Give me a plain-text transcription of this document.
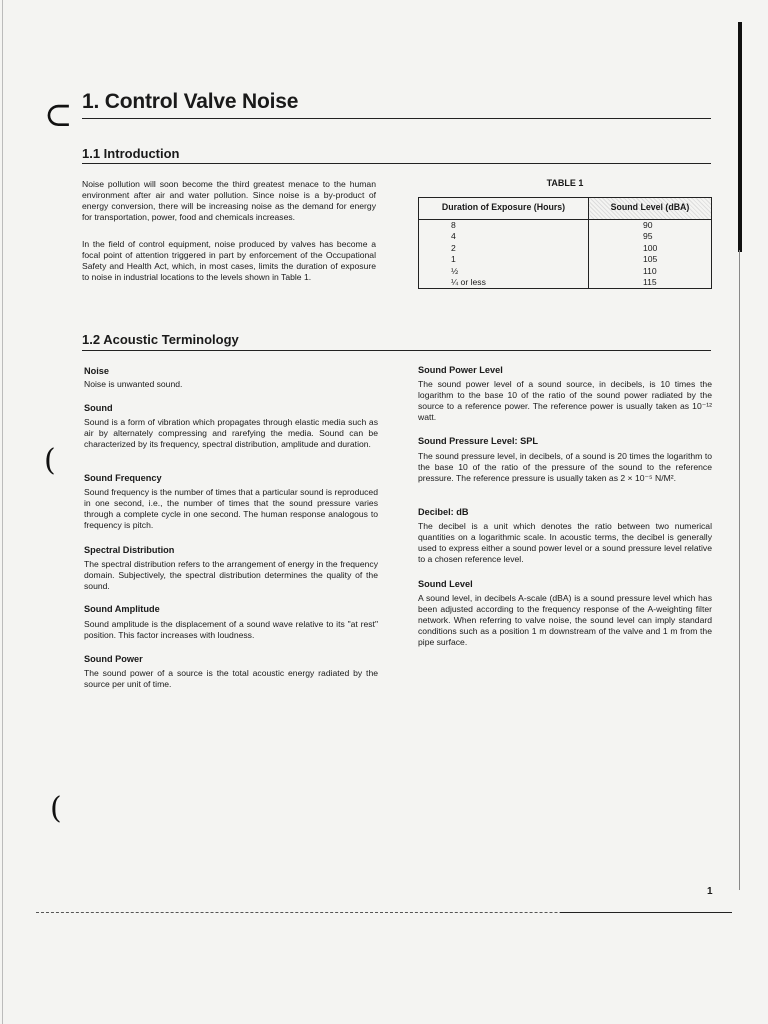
⊂
(
(
1. Control Valve Noise
1.1 Introduction

Noise pollution will soon become the third greatest menace to the human environment after air and water pollution. Since noise is a by-product of energy conversion, there will be increasing noise as the demand for energy for transportation, power, food and chemicals increases.

In the field of control equipment, noise produced by valves has become a focal point of attention triggered in part by enforcement of the Occupational Safety and Health Act, which, in most cases, limits the duration of exposure to noise in industrial locations to the levels shown in Table 1.

TABLE 1
Duration of Exposure (Hours)	Sound Level (dBA)
8	90
4	95
2	100
1	105
½	110
¼ or less	115
1.2 Acoustic Terminology

Noise

Noise is unwanted sound.

Sound

Sound is a form of vibration which propagates through elastic media such as air by alternately compressing and rarefying the media. Sound can be characterized by its frequency, spectral distribution, amplitude and duration.

Sound Frequency

Sound frequency is the number of times that a particular sound is reproduced in one second, i.e., the number of times that the sound pressure varies through a complete cycle in one second. The human response analogous to frequency is pitch.

Spectral Distribution

The spectral distribution refers to the arrangement of energy in the frequency domain. Subjectively, the spectral distribution determines the quality of the sound.

Sound Amplitude

Sound amplitude is the displacement of a sound wave relative to its "at rest" position. This factor increases with loudness.

Sound Power

The sound power of a source is the total acoustic energy radiated by the source per unit of time.

Sound Power Level

The sound power level of a sound source, in decibels, is 10 times the logarithm to the base 10 of the ratio of the sound power radiated by the source to a reference power. The reference power is usually taken as 10⁻¹² watt.

Sound Pressure Level: SPL

The sound pressure level, in decibels, of a sound is 20 times the logarithm to the base 10 of the ratio of the pressure of the sound to the reference pressure. The reference pressure is usually taken as 2 × 10⁻⁵ N/M².

Decibel: dB

The decibel is a unit which denotes the ratio between two numerical quantities on a logarithmic scale. In acoustic terms, the decibel is generally used to express either a sound power level or a sound pressure level relative to a chosen reference level.

Sound Level

A sound level, in decibels A-scale (dBA) is a sound pressure level which has been adjusted according to the frequency response of the A-weighting filter network. When referring to valve noise, the sound level can imply standard conditions such as a position 1 m downstream of the valve and 1 m from the pipe surface.

1
